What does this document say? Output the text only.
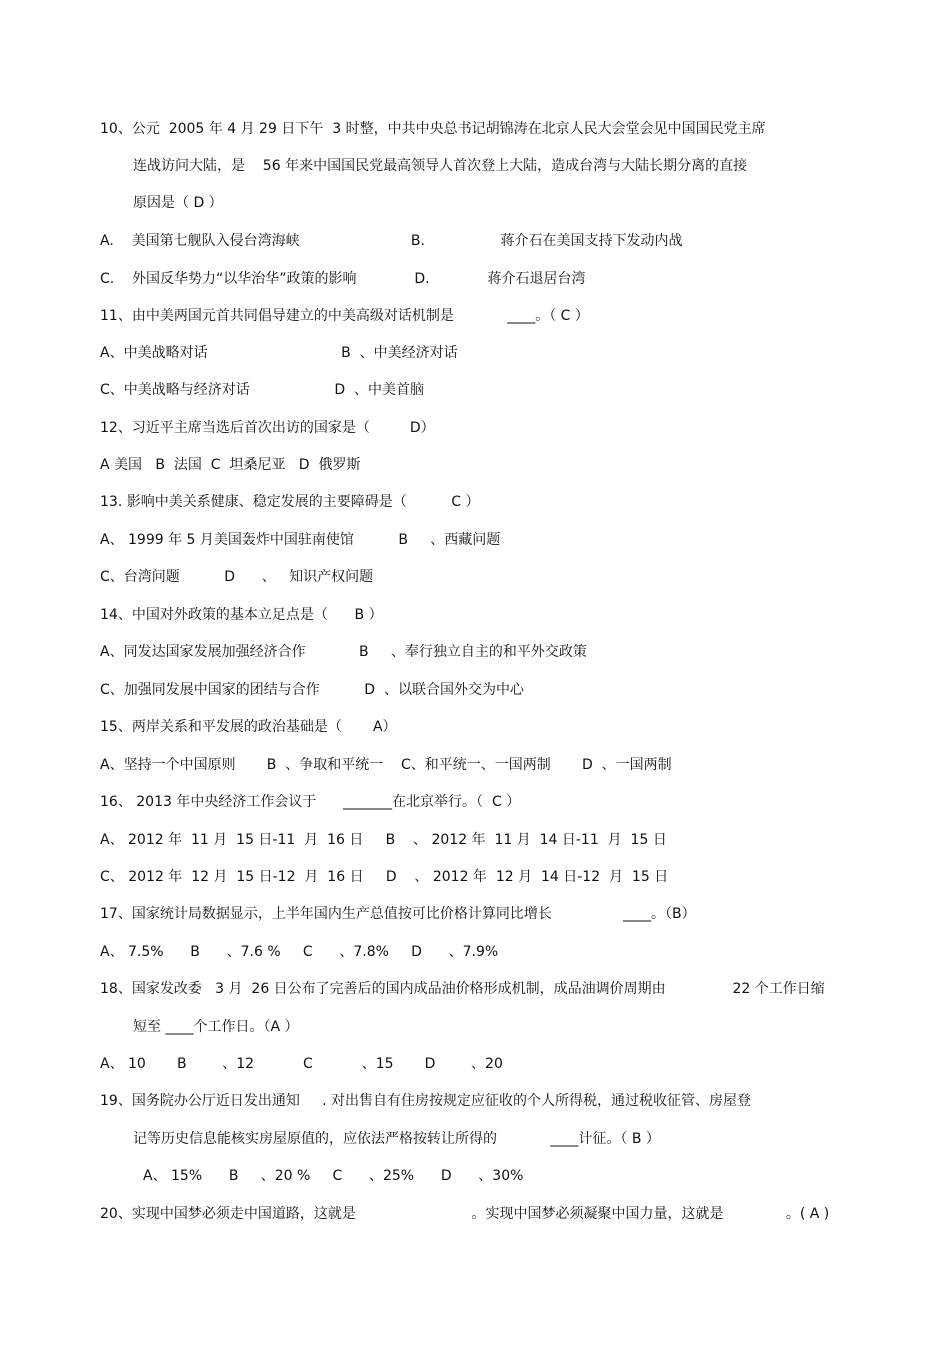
10、公元  2005 年 4 月 29 日下午  3 时整，中共中央总书记胡锦涛在北京人民大会堂会见中国国民党主席
连战访问大陆，是    56 年来中国国民党最高领导人首次登上大陆，造成台湾与大陆长期分离的直接
原因是（ D ）
A.    美国第七舰队入侵台湾海峡                         B.                 蒋介石在美国支持下发动内战
C.    外国反华势力“以华治华”政策的影响             D.             蒋介石退居台湾
11、由中美两国元首共同倡导建立的中美高级对话机制是            ____。（ C ）
A、中美战略对话                              B  、中美经济对话
C、中美战略与经济对话                   D  、中美首脑
12、习近平主席当选后首次出访的国家是（         D）
A 美国   B  法国  C  坦桑尼亚   D  俄罗斯
13. 影响中美关系健康、稳定发展的主要障碍是（          C ）
A、 1999 年 5 月美国轰炸中国驻南使馆          B     、西藏问题
C、台湾问题          D      、   知识产权问题
14、中国对外政策的基本立足点是（      B ）
A、同发达国家发展加强经济合作            B     、奉行独立自主的和平外交政策
C、加强同发展中国家的团结与合作          D  、以联合国外交为中心
15、两岸关系和平发展的政治基础是（       A）
A、坚持一个中国原则       B  、争取和平统一    C、和平统一、一国两制       D  、一国两制
16、 2013 年中央经济工作会议于      _______在北京举行。（  C ）
A、 2012 年  11 月  15 日-11  月  16 日     B    、 2012 年  11 月  14 日-11  月  15 日
C、 2012 年  12 月  15 日-12  月  16 日     D    、 2012 年  12 月  14 日-12  月  15 日
17、国家统计局数据显示，上半年国内生产总值按可比价格计算同比增长                ____。（B）
A、 7.5%      B      、7.6 %     C      、7.8%     D      、7.9%
18、国家发改委   3 月  26 日公布了完善后的国内成品油价格形成机制，成品油调价周期由               22 个工作日缩
短至 ____个工作日。（A ）
A、 10       B        、12           C           、15       D        、20
19、国务院办公厅近日发出通知     . 对出售自有住房按规定应征收的个人所得税，通过税收征管、房屋登
记等历史信息能核实房屋原值的，应依法严格按转让所得的            ____计征。（ B ）
A、 15%      B     、20 %     C      、25%      D      、30%
20、实现中国梦必须走中国道路，这就是                          。实现中国梦必须凝聚中国力量，这就是              。( A )
